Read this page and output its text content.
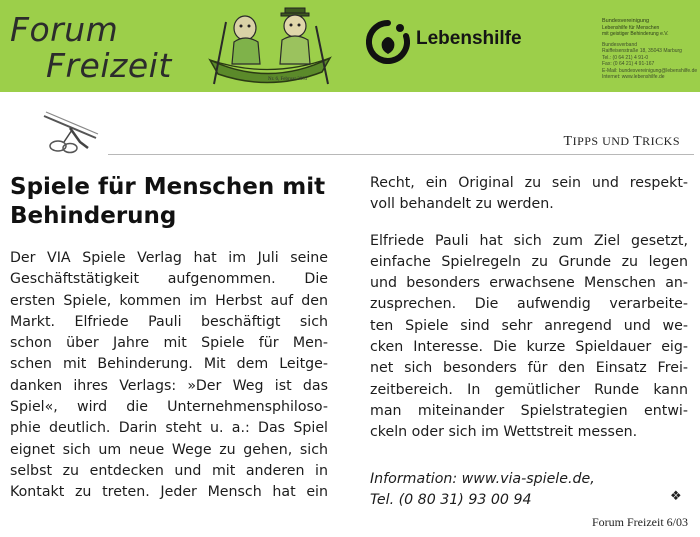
Forum
Freizeit	Nr. 6, Februar 2003
Lebenshilfe
Bundesvereinigung
Lebenshilfe für Menschen
mit geistiger Behinderung e.V.
Bundesverband
Raiffeisenstraße 18, 35043 Marburg
Tel.: (0 64 21) 4 91-0
Fax: (0 64 21) 4 91-167
E-Mail: bundesvereinigung@lebenshilfe.de
Internet: www.lebenshilfe.de
TIPPS UND TRICKS
Spiele für Menschen mit
Behinderung
Der VIA Spiele Verlag hat im Juli seine
Geschäftstätigkeit aufgenommen. Die
ersten Spiele, kommen im Herbst auf den
Markt. Elfriede Pauli beschäftigt sich
schon über Jahre mit Spiele für Men-
schen mit Behinderung. Mit dem Leitge-
danken ihres Verlags: »Der Weg ist das
Spiel«, wird die Unternehmensphiloso-
phie deutlich. Darin steht u. a.: Das Spiel
eignet sich um neue Wege zu gehen, sich
selbst zu entdecken und mit anderen in
Kontakt zu treten. Jeder Mensch hat ein
Recht, ein Original zu sein und respekt-
voll behandelt zu werden.
Elfriede Pauli hat sich zum Ziel gesetzt,
einfache Spielregeln zu Grunde zu legen
und besonders erwachsene Menschen an-
zusprechen. Die aufwendig verarbeite-
ten Spiele sind sehr anregend und we-
cken Interesse. Die kurze Spieldauer eig-
net sich besonders für den Einsatz Frei-
zeitbereich. In gemütlicher Runde kann
man miteinander Spielstrategien entwi-
ckeln oder sich im Wettstreit messen.
Information: www.via-spiele.de,
Tel. (0 80 31) 93 00 94	❖
Forum Freizeit 6/03
